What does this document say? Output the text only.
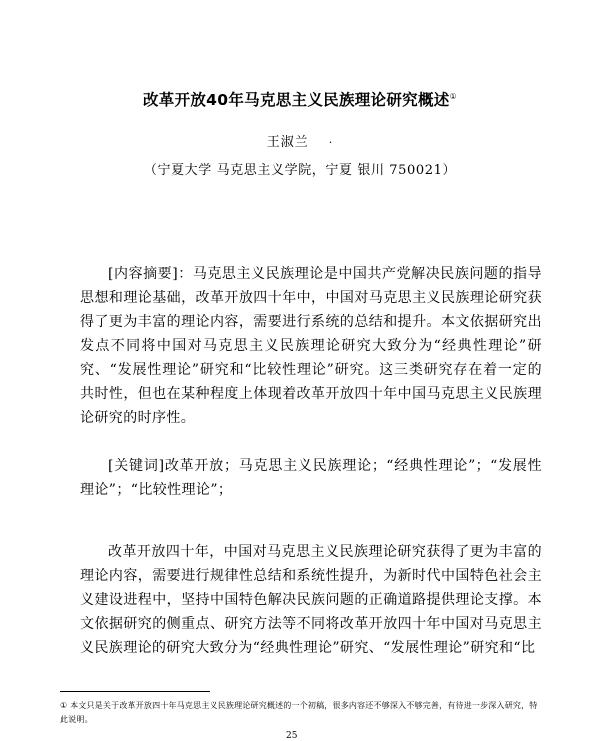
改革开放40年马克思主义民族理论研究概述①
王淑兰 ·
（宁夏大学 马克思主义学院，宁夏 银川 750021）

[内容摘要]：马克思主义民族理论是中国共产党解决民族问题的指导思想和理论基础，改革开放四十年中，中国对马克思主义民族理论研究获得了更为丰富的理论内容，需要进行系统的总结和提升。本文依据研究出发点不同将中国对马克思主义民族理论研究大致分为“经典性理论”研究、“发展性理论”研究和“比较性理论”研究。这三类研究存在着一定的共时性，但也在某种程度上体现着改革开放四十年中国马克思主义民族理论研究的时序性。

[关键词]改革开放；马克思主义民族理论；“经典性理论”；“发展性理论”；“比较性理论”；

改革开放四十年，中国对马克思主义民族理论研究获得了更为丰富的理论内容，需要进行规律性总结和系统性提升，为新时代中国特色社会主义建设进程中，坚持中国特色解决民族问题的正确道路提供理论支撑。本文依据研究的侧重点、研究方法等不同将改革开放四十年中国对马克思主义民族理论的研究大致分为“经典性理论”研究、“发展性理论”研究和“比

① 本文只是关于改革开放四十年马克思主义民族理论研究概述的一个初稿，很多内容还不够深入不够完善，有待进一步深入研究，特此说明。
25
